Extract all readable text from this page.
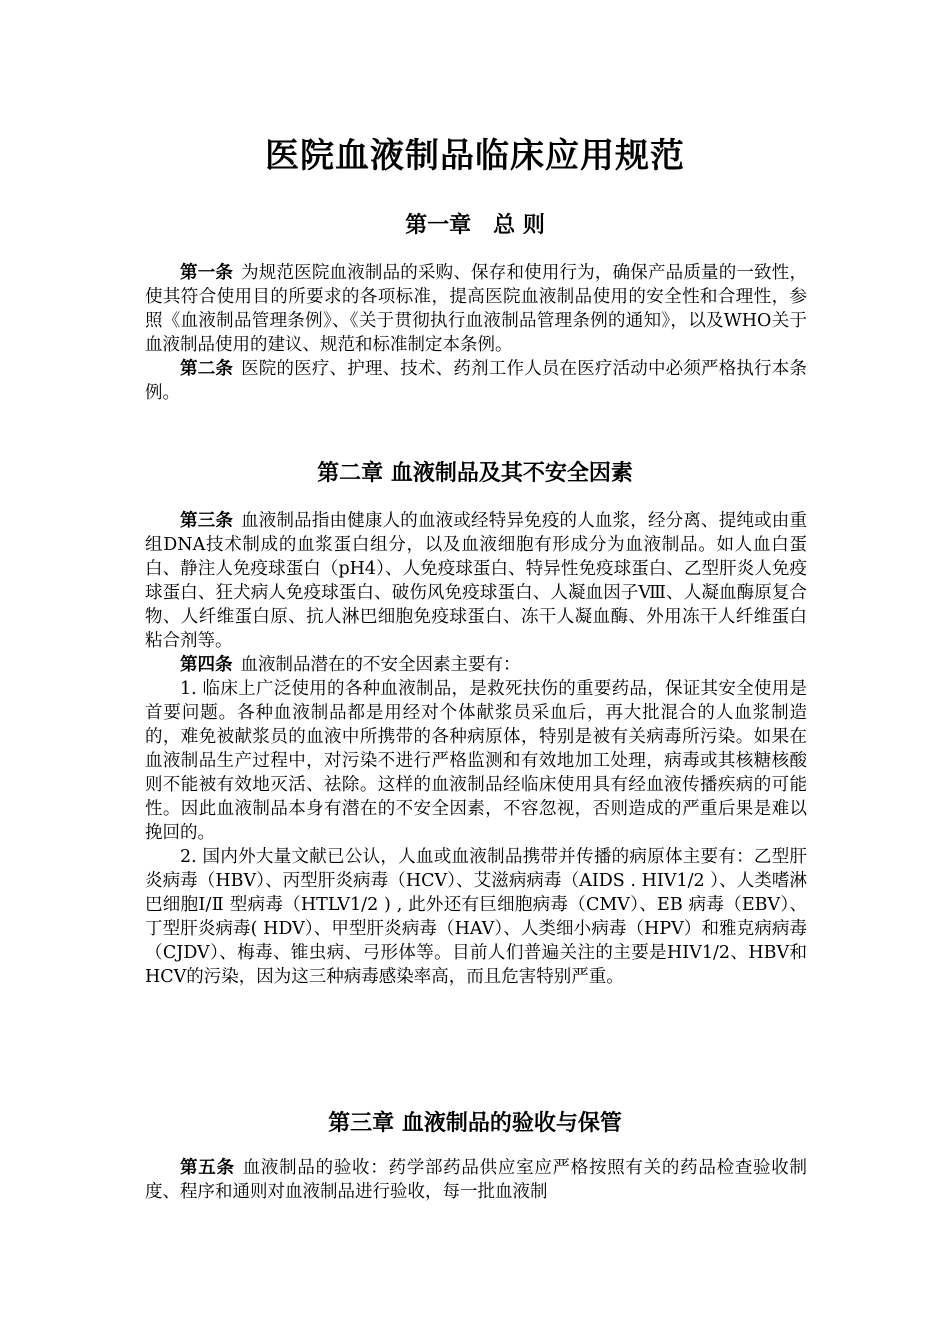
医院血液制品临床应用规范
第一章　总 则

第一条 为规范医院血液制品的采购、保存和使用行为，确保产品质量的一致性，使其符合使用目的所要求的各项标准，提高医院血液制品使用的安全性和合理性，参照《血液制品管理条例》、《关于贯彻执行血液制品管理条例的通知》，以及WHO关于血液制品使用的建议、规范和标准制定本条例。

第二条 医院的医疗、护理、技术、药剂工作人员在医疗活动中必须严格执行本条例。

第二章 血液制品及其不安全因素

第三条 血液制品指由健康人的血液或经特异免疫的人血浆，经分离、提纯或由重组DNA技术制成的血浆蛋白组分，以及血液细胞有形成分为血液制品。如人血白蛋白、静注人免疫球蛋白（pH4）、人免疫球蛋白、特异性免疫球蛋白、乙型肝炎人免疫球蛋白、狂犬病人免疫球蛋白、破伤风免疫球蛋白、人凝血因子Ⅷ、人凝血酶原复合物、人纤维蛋白原、抗人淋巴细胞免疫球蛋白、冻干人凝血酶、外用冻干人纤维蛋白粘合剂等。

第四条 血液制品潜在的不安全因素主要有：

1. 临床上广泛使用的各种血液制品，是救死扶伤的重要药品，保证其安全使用是首要问题。各种血液制品都是用经对个体献浆员采血后，再大批混合的人血浆制造的，难免被献浆员的血液中所携带的各种病原体，特别是被有关病毒所污染。如果在血液制品生产过程中，对污染不进行严格监测和有效地加工处理，病毒或其核糖核酸则不能被有效地灭活、祛除。这样的血液制品经临床使用具有经血液传播疾病的可能性。因此血液制品本身有潜在的不安全因素，不容忽视，否则造成的严重后果是难以挽回的。

2. 国内外大量文献已公认，人血或血液制品携带并传播的病原体主要有：乙型肝炎病毒（HBV）、丙型肝炎病毒（HCV）、艾滋病病毒（AIDS . HIV1/2 ）、人类嗜淋巴细胞Ⅰ/Ⅱ 型病毒（HTLV1/2 ) , 此外还有巨细胞病毒（CMV）、EB 病毒（EBV）、丁型肝炎病毒( HDV）、甲型肝炎病毒（HAV）、人类细小病毒（HPV）和雅克病病毒（CJDV）、梅毒、锥虫病、弓形体等。目前人们普遍关注的主要是HIV1/2、HBV和HCV的污染，因为这三种病毒感染率高，而且危害特别严重。

第三章 血液制品的验收与保管

第五条 血液制品的验收：药学部药品供应室应严格按照有关的药品检查验收制度、程序和通则对血液制品进行验收，每一批血液制
